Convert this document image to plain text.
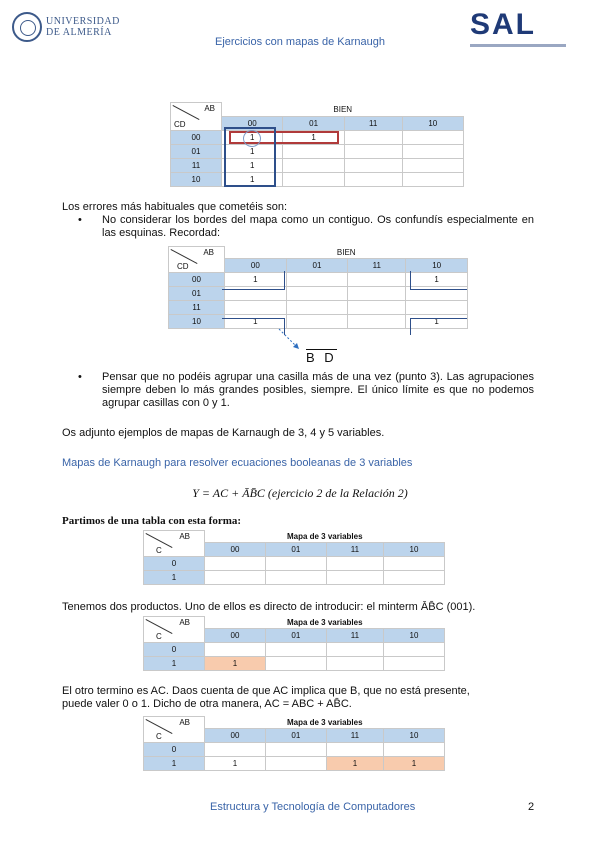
UNIVERSIDAD
DE ALMERÍA	SAL
Ejercicios con mapas de Karnaugh
AB
CD	BIEN			
	00	01	11	10
00	1	1		
01	1			
11	1			
10	1			
Los errores más habituales que cometéis son:
• No considerar los bordes del mapa como un contiguo. Os confundís especialmente en las esquinas. Recordad:
AB
CD	BIEN			
	00	01	11	10
00	1			1
01				
11				
10	1			1
B D
• Pensar que no podéis agrupar una casilla más de una vez (punto 3). Las agrupaciones siempre deben lo más grandes posibles, siempre. El único límite es que no podemos agrupar casillas con 0 y 1.
Os adjunto ejemplos de mapas de Karnaugh de 3, 4 y 5 variables.
Mapas de Karnaugh para resolver ecuaciones booleanas de 3 variables
Y = AC + ĀB̄C (ejercicio 2 de la Relación 2)
Partimos de una tabla con esta forma:
AB
C	Mapa de 3 variables			
	00	01	11	10
0				
1				
Tenemos dos productos. Uno de ellos es directo de introducir: el minterm ĀB̄C (001).
AB
C	Mapa de 3 variables			
	00	01	11	10
0				
1	1			
El otro termino es AC. Daos cuenta de que AC implica que B, que no está presente,
puede valer 0 o 1. Dicho de otra manera, AC = ABC + AB̄C.
AB
C	Mapa de 3 variables			
	00	01	11	10
0				
1	1		1	1
Estructura y Tecnología de Computadores	2
